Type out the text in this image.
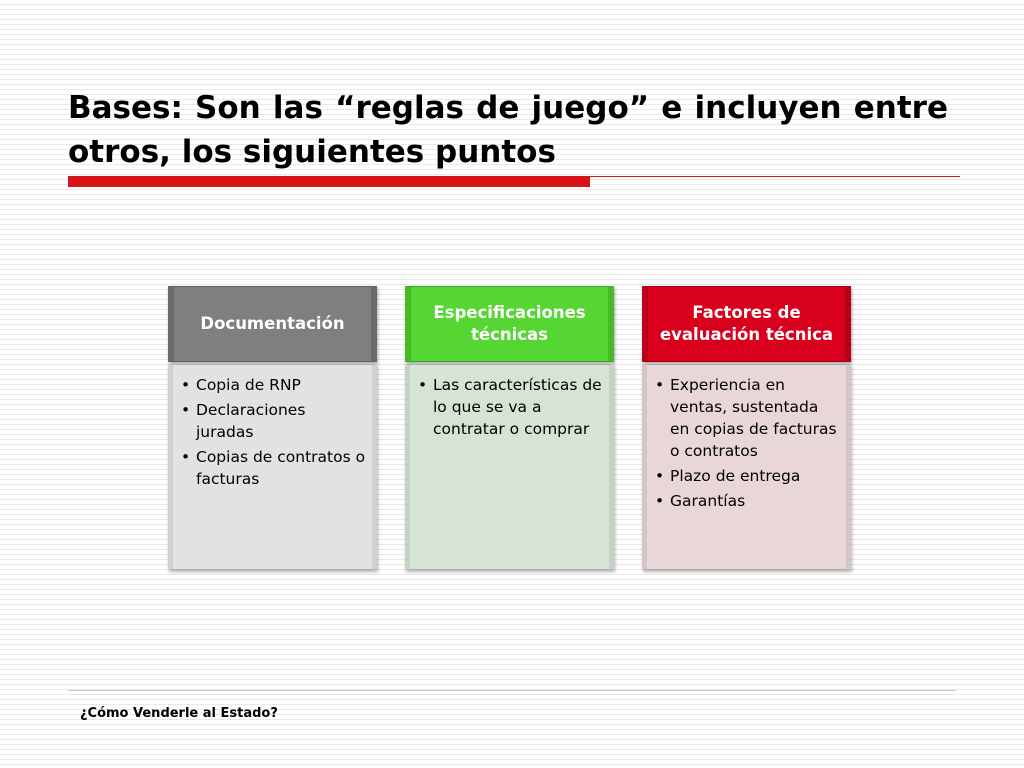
Bases: Son las “reglas de juego” e incluyen entre otros, los siguientes puntos
Documentación
• Copia de RNP
• Declaraciones juradas
• Copias de contratos o facturas
Especificaciones técnicas
• Las características de lo que se va a contratar o comprar
Factores de evaluación técnica
• Experiencia en ventas, sustentada en copias de facturas o contratos
• Plazo de entrega
• Garantías
¿Cómo Venderle al Estado?
